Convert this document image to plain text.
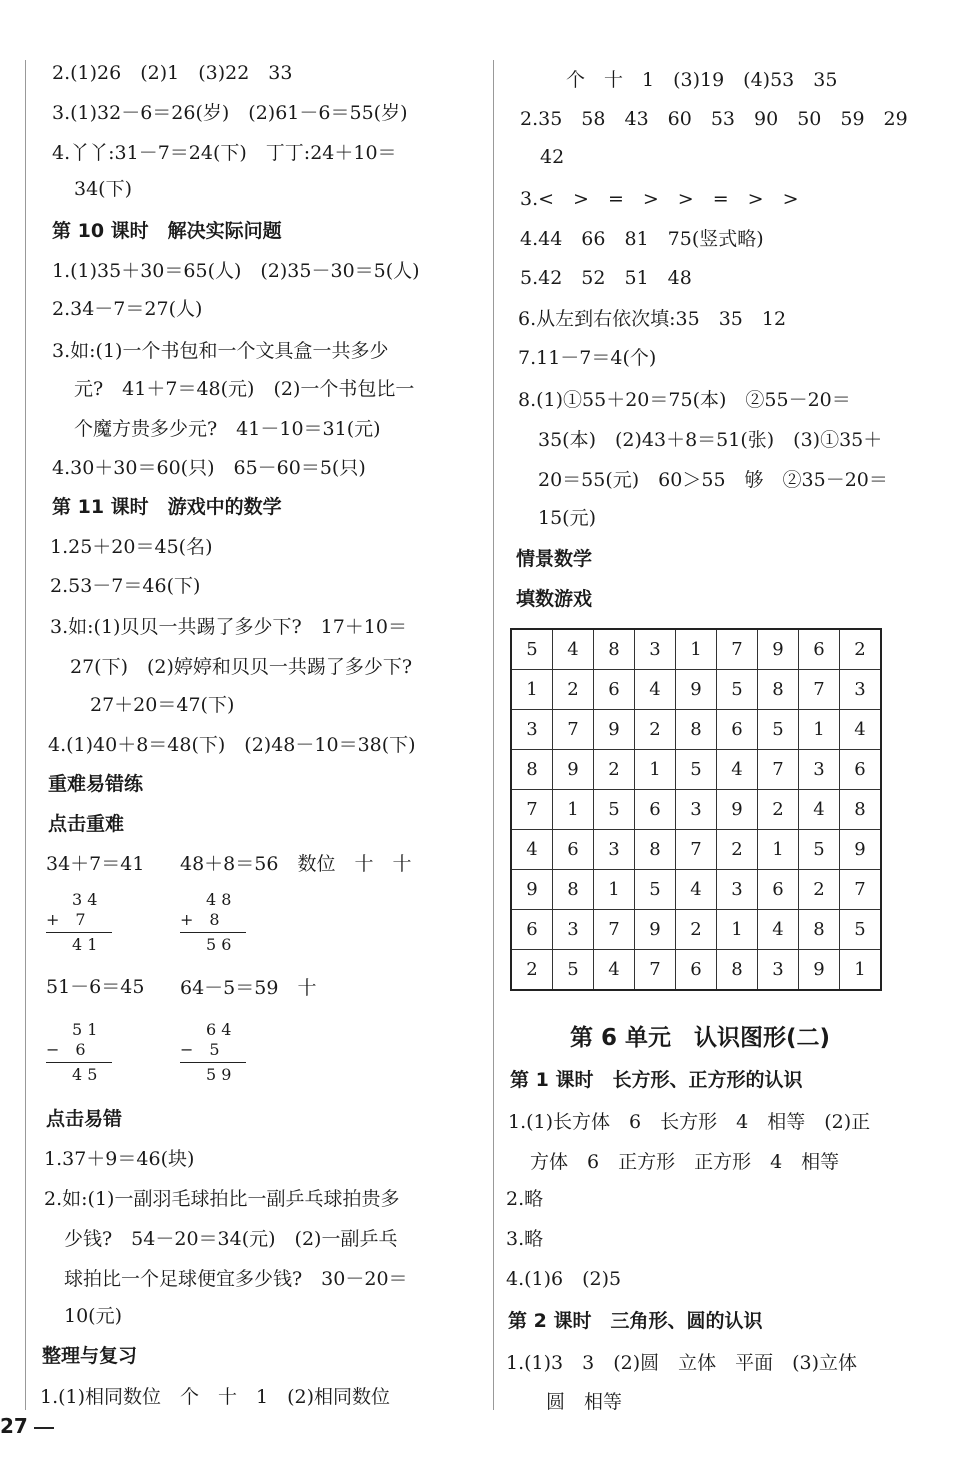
2.(1)26　(2)1　(3)22　33
3.(1)32－6＝26(岁)　(2)61－6＝55(岁)
4.丫丫:31－7＝24(下)　丁丁:24＋10＝
34(下)
第 10 课时　解决实际问题
1.(1)35＋30＝65(人)　(2)35－30＝5(人)
2.34－7＝27(人)
3.如:(1)一个书包和一个文具盒一共多少
元?　41＋7＝48(元)　(2)一个书包比一
个魔方贵多少元?　41－10＝31(元)
4.30＋30＝60(只)　65－60＝5(只)
第 11 课时　游戏中的数学
1.25＋20＝45(名)
2.53－7＝46(下)
3.如:(1)贝贝一共踢了多少下?　17＋10＝
27(下)　(2)婷婷和贝贝一共踢了多少下?
27＋20＝47(下)
4.(1)40＋8＝48(下)　(2)48－10＝38(下)
重难易错练
点击重难
34＋7＝41 48＋8＝56　数位　十　十
3 4
+　7
4 1
4 8
+　8
5 6
51－6＝45 64－5＝59　十
5 1
−　6
4 5
6 4
−　5
5 9
点击易错
1.37＋9＝46(块)
2.如:(1)一副羽毛球拍比一副乒乓球拍贵多
少钱?　54－20＝34(元)　(2)一副乒乓
球拍比一个足球便宜多少钱?　30－20＝
10(元)
整理与复习
1.(1)相同数位　个　十　1　(2)相同数位
27
个　十　1　(3)19　(4)53　35
2.35　58　43　60　53　90　50　59　29
42
3.<　>　=　>　>　=　>　>
4.44　66　81　75(竖式略)
5.42　52　51　48
6.从左到右依次填:35　35　12
7.11－7＝4(个)
8.(1)①55＋20＝75(本)　②55－20＝
35(本)　(2)43＋8＝51(张)　(3)①35＋
20＝55(元)　60＞55　够　②35－20＝
15(元)
情景数学
填数游戏
5	4	8	3	1	7	9	6	2
1	2	6	4	9	5	8	7	3
3	7	9	2	8	6	5	1	4
8	9	2	1	5	4	7	3	6
7	1	5	6	3	9	2	4	8
4	6	3	8	7	2	1	5	9
9	8	1	5	4	3	6	2	7
6	3	7	9	2	1	4	8	5
2	5	4	7	6	8	3	9	1
第 6 单元　认识图形(二)
第 1 课时　长方形、正方形的认识
1.(1)长方体　6　长方形　4　相等　(2)正
方体　6　正方形　正方形　4　相等
2.略
3.略
4.(1)6　(2)5
第 2 课时　三角形、圆的认识
1.(1)3　3　(2)圆　立体　平面　(3)立体
圆　相等
